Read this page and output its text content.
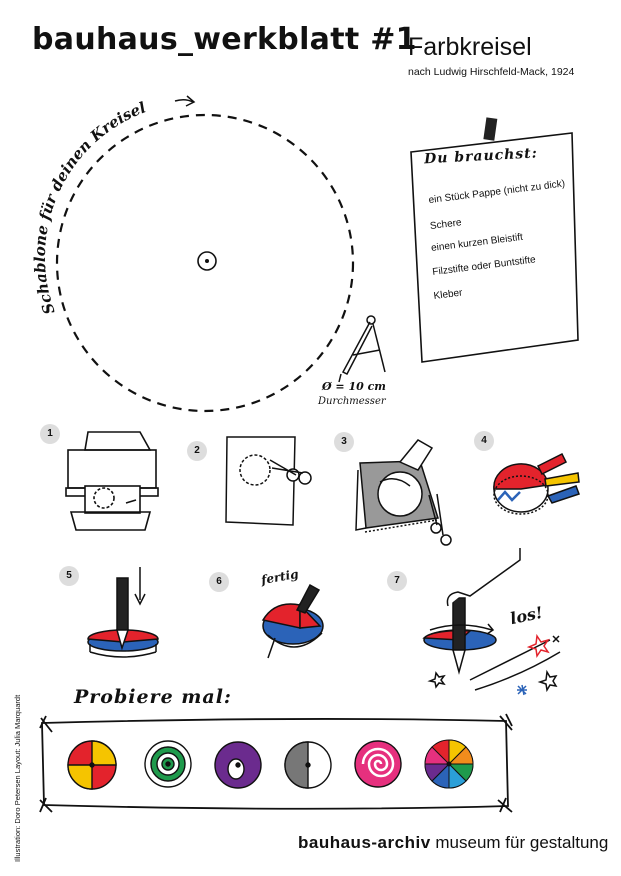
bauhaus_werkblatt #1
Farbkreisel
nach Ludwig Hirschfeld-Mack, 1924
Schablone für deinen Kreisel
Ø = 10 cm
Durchmesser
Du brauchst:
ein Stück Pappe (nicht zu dick)
Schere
einen kurzen Bleistift
Filzstifte oder Buntstifte
Kleber
1
2
3	4
5
6	7
fertig
los!
Probiere mal:
Illustration: Doro Petersen Layout: Julia Marquardt	bauhaus-archiv museum für gestaltung
